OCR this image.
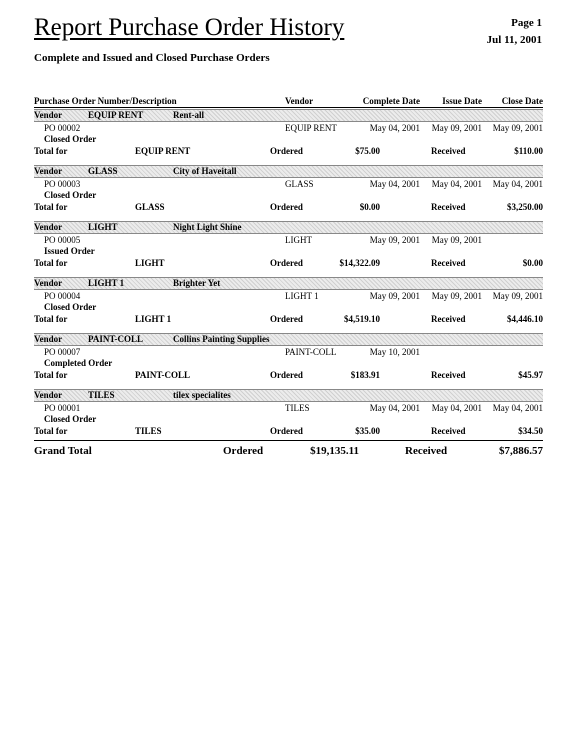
Report Purchase Order History	Page 1
Jul 11, 2001
Complete and Issued and Closed Purchase Orders
Purchase Order Number/Description	Vendor	Complete Date Issue Date Close Date
Vendor	EQUIP RENT	Rent-all
PO 00002	EQUIP RENT	May 04, 2001 May 09, 2001 May 09, 2001
Closed Order
Total for	EQUIP RENT	Ordered	$75.00	Received	$110.00
Vendor	GLASS	City of Haveitall
PO 00003	GLASS	May 04, 2001 May 04, 2001 May 04, 2001
Closed Order
Total for	GLASS	Ordered	$0.00	Received	$3,250.00
Vendor	LIGHT	Night Light Shine
PO 00005	LIGHT	May 09, 2001 May 09, 2001
Issued Order
Total for	LIGHT	Ordered	$14,322.09	Received	$0.00
Vendor	LIGHT 1	Brighter Yet
PO 00004	LIGHT 1	May 09, 2001 May 09, 2001 May 09, 2001
Closed Order
Total for	LIGHT 1	Ordered	$4,519.10	Received	$4,446.10
Vendor	PAINT-COLL	Collins Painting Supplies
PO 00007	PAINT-COLL	May 10, 2001
Completed Order
Total for	PAINT-COLL	Ordered	$183.91	Received	$45.97
Vendor	TILES	tilex specialites
PO 00001	TILES	May 04, 2001 May 04, 2001 May 04, 2001
Closed Order
Total for	TILES	Ordered	$35.00	Received	$34.50
Grand Total	Ordered	$19,135.11	Received	$7,886.57
